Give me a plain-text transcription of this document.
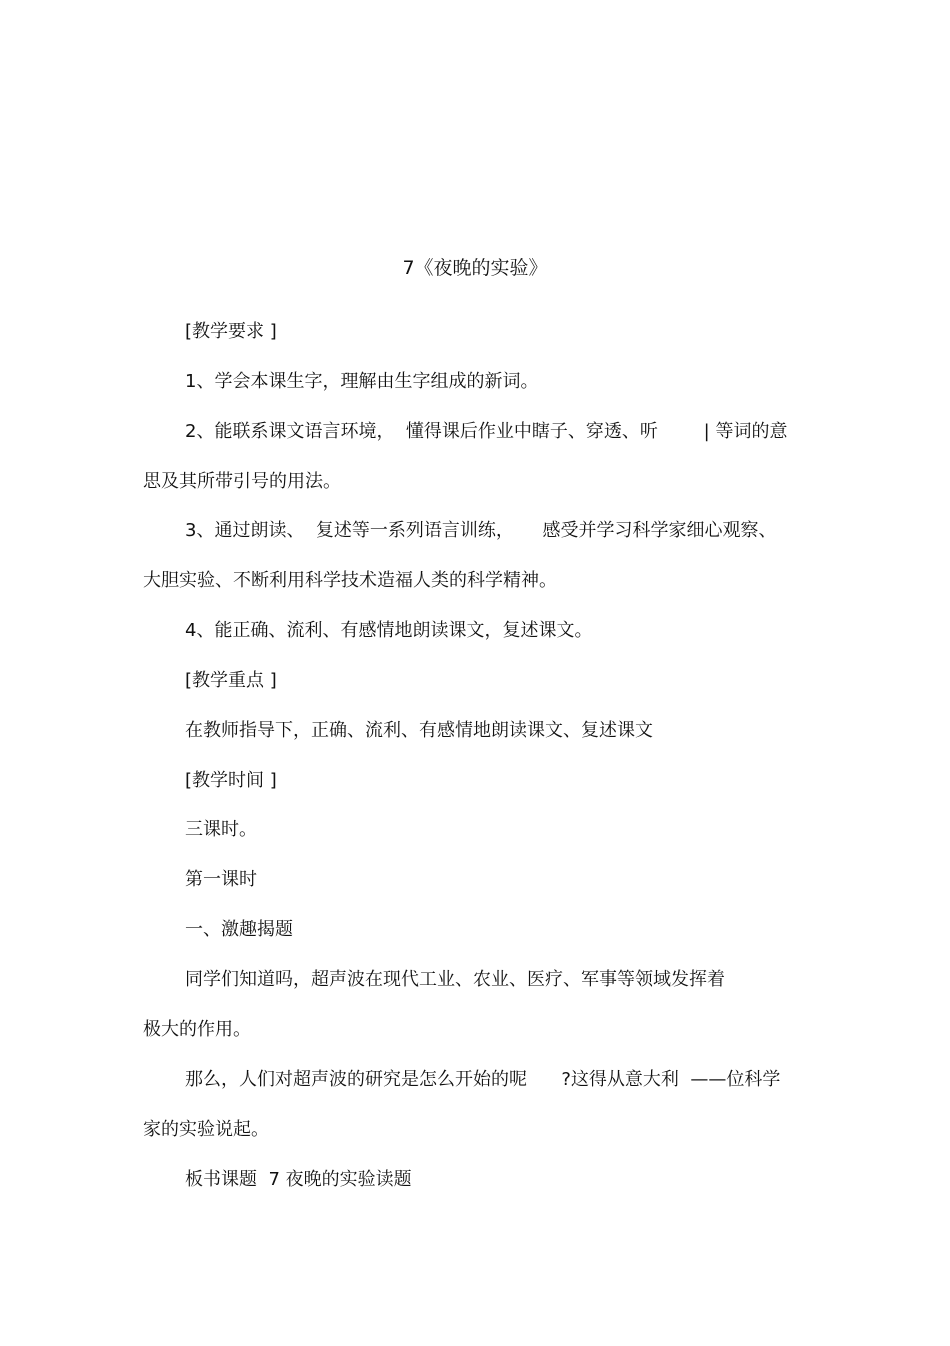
7《夜晚的实验》
[教学要求 ]
1、学会本课生字，理解由生字组成的新词。
2、能联系课文语言环境，  懂得课后作业中瞎子、穿透、听        | 等词的意
思及其所带引号的用法。
3、通过朗读、  复述等一系列语言训练，     感受并学习科学家细心观察、
大胆实验、不断利用科学技术造福人类的科学精神。
4、能正确、流利、有感情地朗读课文，复述课文。
[教学重点 ]
在教师指导下，正确、流利、有感情地朗读课文、复述课文
[教学时间 ]
三课时。
第一课时
一、激趣揭题
同学们知道吗，超声波在现代工业、农业、医疗、军事等领域发挥着
极大的作用。
那么，人们对超声波的研究是怎么开始的呢      ?这得从意大利  ——位科学
家的实验说起。
板书课题  7 夜晚的实验读题
